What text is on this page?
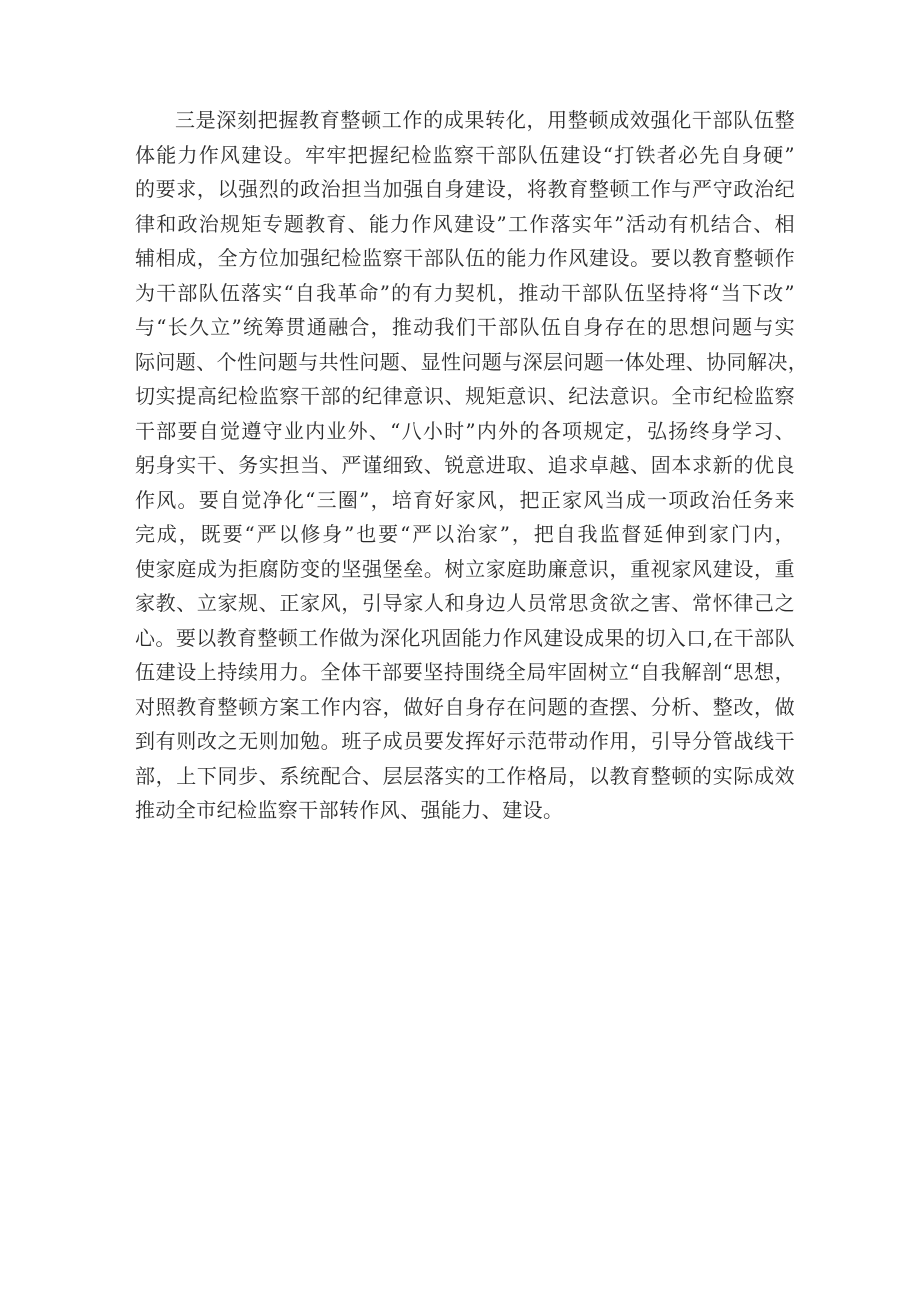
三是深刻把握教育整顿工作的成果转化，用整顿成效强化干部队伍整
体能力作风建设。牢牢把握纪检监察干部队伍建设“打铁者必先自身硬”
的要求，以强烈的政治担当加强自身建设，将教育整顿工作与严守政治纪
律和政治规矩专题教育、能力作风建设”工作落实年”活动有机结合、相
辅相成，全方位加强纪检监察干部队伍的能力作风建设。要以教育整顿作
为干部队伍落实“自我革命”的有力契机，推动干部队伍坚持将“当下改”
与“长久立”统筹贯通融合，推动我们干部队伍自身存在的思想问题与实
际问题、个性问题与共性问题、显性问题与深层问题一体处理、协同解决，
切实提高纪检监察干部的纪律意识、规矩意识、纪法意识。全市纪检监察
干部要自觉遵守业内业外、“八小时”内外的各项规定，弘扬终身学习、
躬身实干、务实担当、严谨细致、锐意进取、追求卓越、固本求新的优良
作风。要自觉净化“三圈”，培育好家风，把正家风当成一项政治任务来
完成，既要“严以修身”也要“严以治家”，把自我监督延伸到家门内，
使家庭成为拒腐防变的坚强堡垒。树立家庭助廉意识，重视家风建设，重
家教、立家规、正家风，引导家人和身边人员常思贪欲之害、常怀律己之
心。要以教育整顿工作做为深化巩固能力作风建设成果的切入口,在干部队
伍建设上持续用力。全体干部要坚持围绕全局牢固树立“自我解剖“思想，
对照教育整顿方案工作内容，做好自身存在问题的查摆、分析、整改，做
到有则改之无则加勉。班子成员要发挥好示范带动作用，引导分管战线干
部，上下同步、系统配合、层层落实的工作格局，以教育整顿的实际成效
推动全市纪检监察干部转作风、强能力、建设。
